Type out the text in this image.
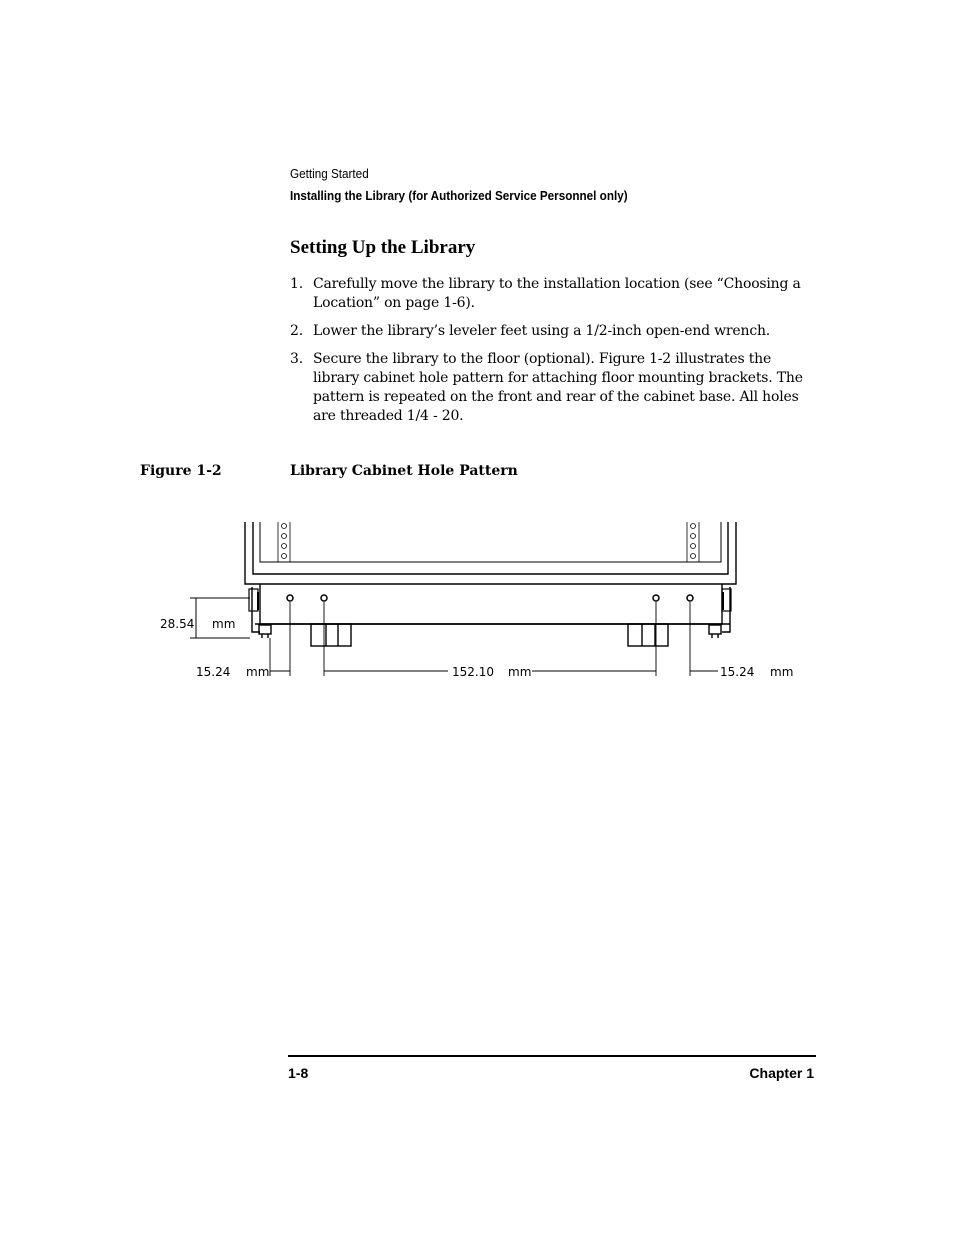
Getting Started
Installing the Library (for Authorized Service Personnel only)
Setting Up the Library
1. Carefully move the library to the installation location (see “Choosing a Location” on page 1-6).
2. Lower the library’s leveler feet using a 1/2-inch open-end wrench.
3. Secure the library to the floor (optional). Figure 1-2 illustrates the library cabinet hole pattern for attaching floor mounting brackets. The pattern is repeated on the front and rear of the cabinet base. All holes are threaded 1/4 - 20.

Figure 1-2	Library Cabinet Hole Pattern

28.54 mm
15.24 mm	152.10 mm	15.24 mm
1-8	Chapter 1
